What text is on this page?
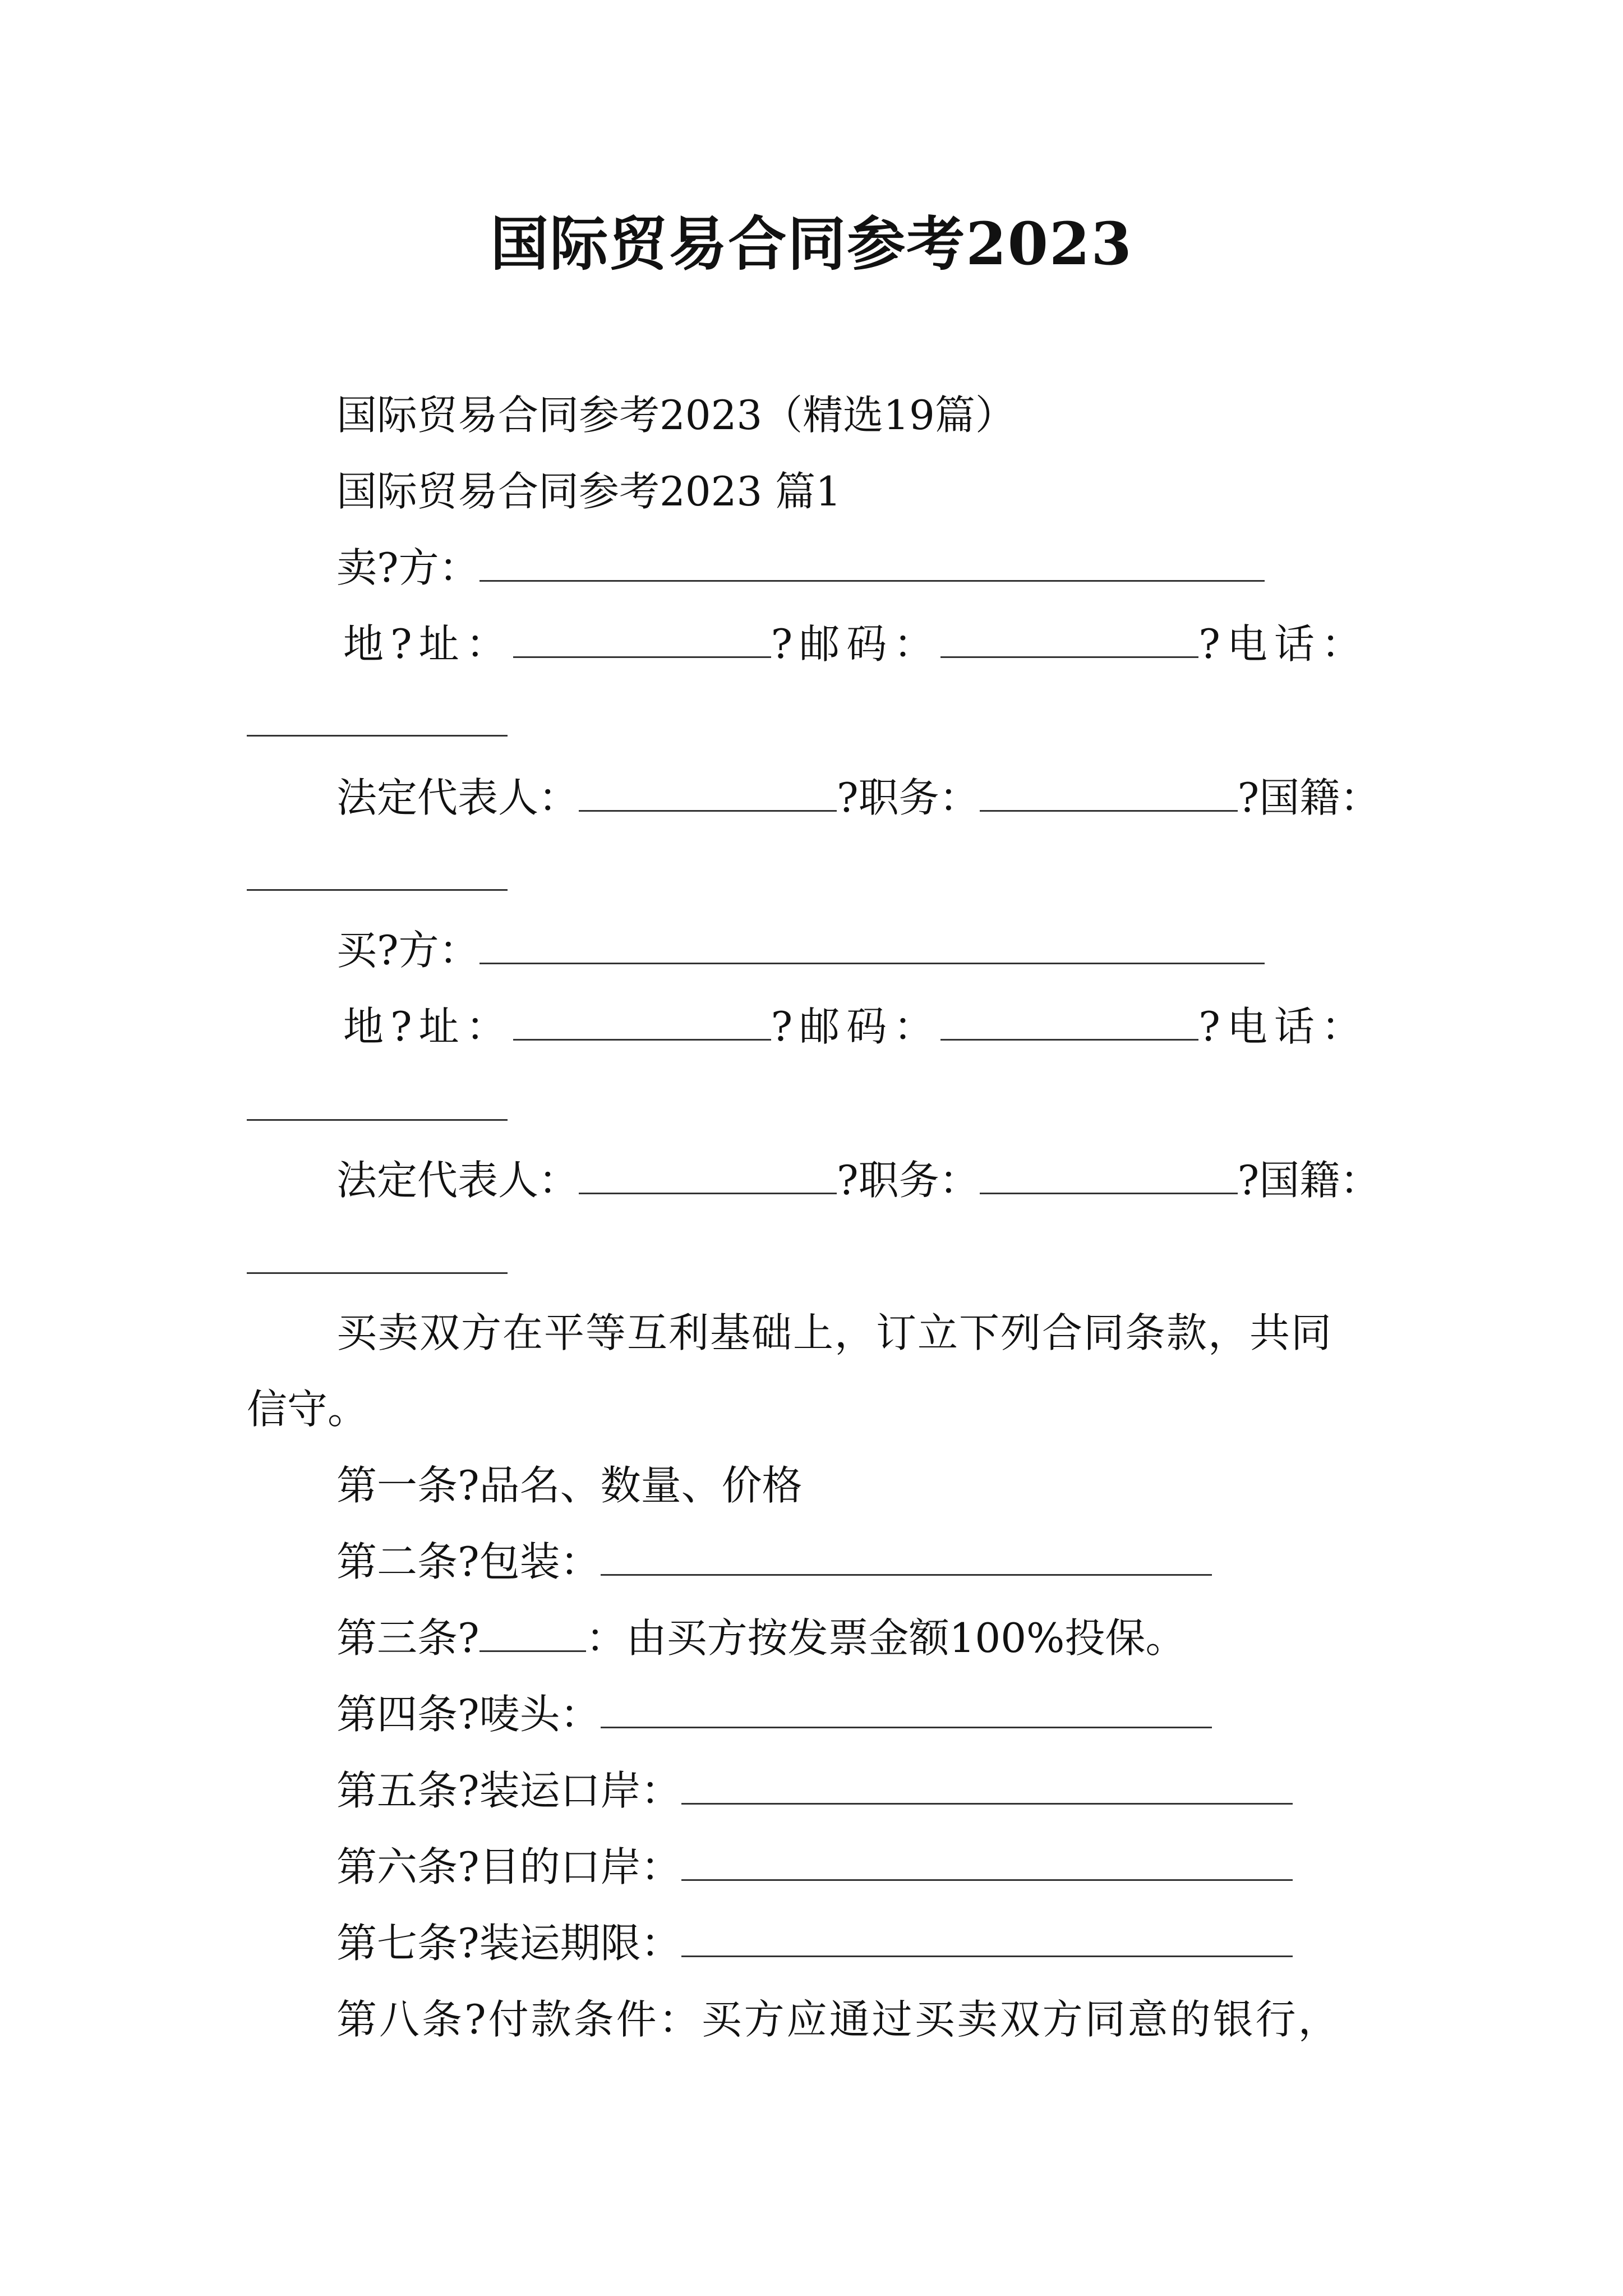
国际贸易合同参考2023
国际贸易合同参考2023（精选19篇）
国际贸易合同参考2023 篇1
卖?方：
地?址：	?邮码：	?电话：
法定代表人：	?职务：	?国籍：
买?方：
地?址：	?邮码：	?电话：
法定代表人：	?职务：	?国籍：
买卖双方在平等互利基础上，订立下列合同条款，共同
信守。
第一条?品名、数量、价格
第二条?包装：
第三条?	：由买方按发票金额100%投保。
第四条?唛头：
第五条?装运口岸：
第六条?目的口岸：
第七条?装运期限：
第八条?付款条件：买方应通过买卖双方同意的银行，
